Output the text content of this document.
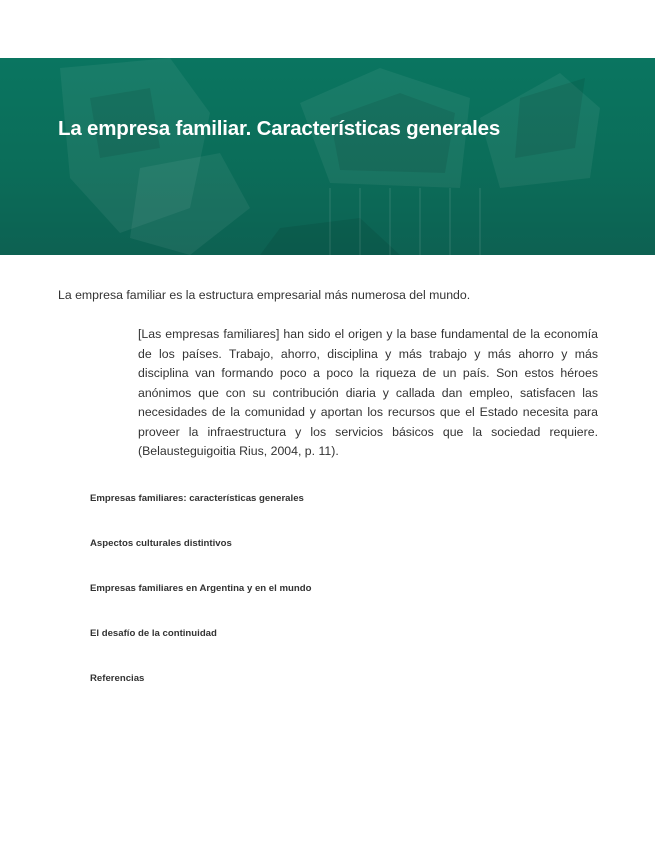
La empresa familiar. Características generales

La empresa familiar es la estructura empresarial más numerosa del mundo.

[Las empresas familiares] han sido el origen y la base fundamental de la economía de los países. Trabajo, ahorro, disciplina y más trabajo y más ahorro y más disciplina van formando poco a poco la riqueza de un país. Son estos héroes anónimos que con su contribución diaria y callada dan empleo, satisfacen las necesidades de la comunidad y aportan los recursos que el Estado necesita para proveer la infraestructura y los servicios básicos que la sociedad requiere. (Belausteguigoitia Rius, 2004, p. 11).

Empresas familiares: características generales
Aspectos culturales distintivos
Empresas familiares en Argentina y en el mundo
El desafío de la continuidad
Referencias
